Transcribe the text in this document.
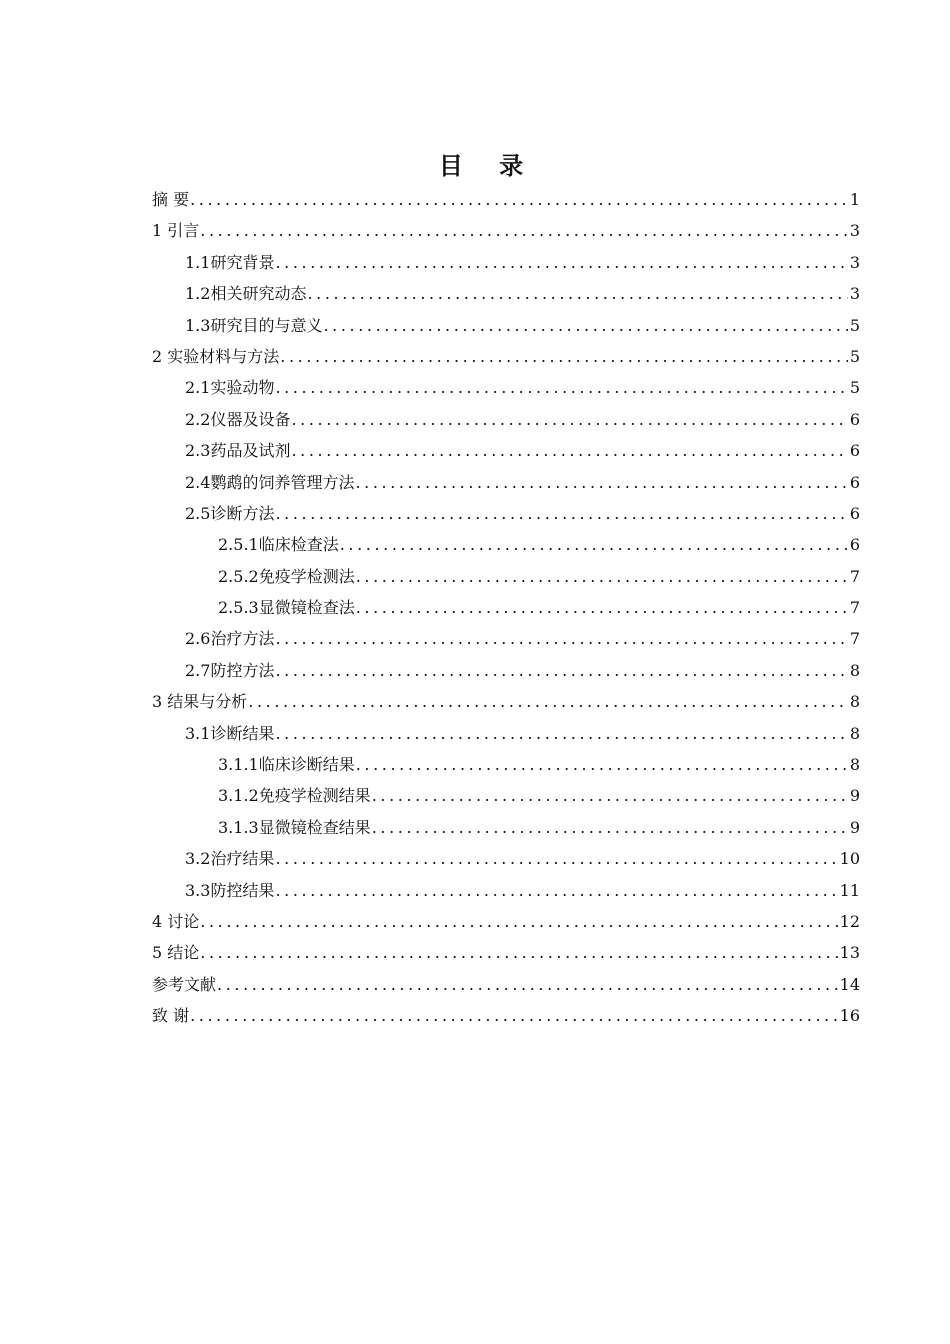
目 录
摘 要 .....	1
1 引言 .....	3
1.1研究背景 .....	3
1.2相关研究动态 .....	3
1.3研究目的与意义 .....	5
2 实验材料与方法 .....	5
2.1实验动物 .....	5
2.2仪器及设备 .....	6
2.3药品及试剂 .....	6
2.4鹦鹉的饲养管理方法 .....	6
2.5诊断方法 .....	6
2.5.1临床检查法 .....	6
2.5.2免疫学检测法 .....	7
2.5.3显微镜检查法 .....	7
2.6治疗方法 .....	7
2.7防控方法 .....	8
3 结果与分析 .....	8
3.1诊断结果 .....	8
3.1.1临床诊断结果 .....	8
3.1.2免疫学检测结果 .....	9
3.1.3显微镜检查结果 .....	9
3.2治疗结果 .....	10
3.3防控结果 .....	11
4 讨论 .....	12
5 结论 .....	13
参考文献 .....	14
致 谢 .....	16
